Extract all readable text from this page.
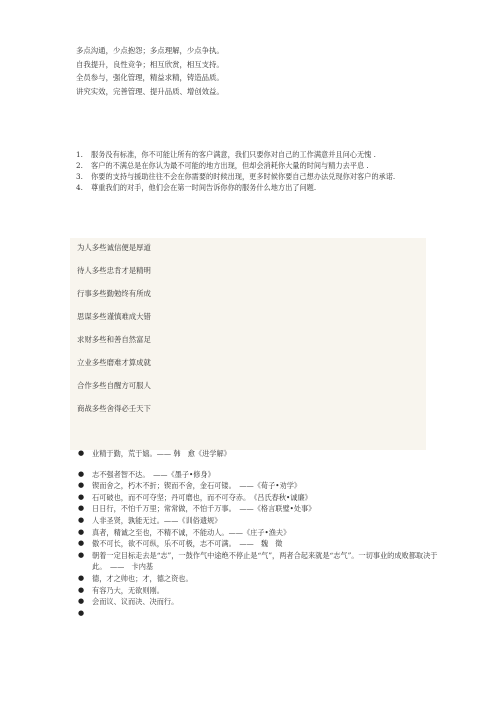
多点沟通，少点抱怨；多点理解，少点争执。
自我提升，良性竞争；相互欣赏，相互支持。
全员参与，强化管理，精益求精，铸造品质。
讲究实效，完善管理、提升品质、增创效益。
1. 服务没有标准，你不可能让所有的客户满意，我们只要你对自己的工作满意并且问心无愧 .
2. 客户的不满总是在你认为最不可能的地方出现，但却会消耗你大量的时间与精力去平息 .
3. 你要的支持与援助往往不会在你需要的时候出现，更多时候你要自己想办法兑现你对客户的承诺.
4. 尊重我们的对手，他们会在第一时间告诉你你的服务什么地方出了问题.
为人多些诚信便是厚道
待人多些忠肯才是精明
行事多些勤勉终有所成
思谋多些谨慎难成大错
求财多些和善自然富足
立业多些磨难才算成就
合作多些自醒方可服人
商战多些舍得必壬天下
● 业精于勤，荒于嬉。—— 韩　愈《进学解》
● 志不强者智不达。　——《墨子•修身》
● 锲而舍之，朽木不折；锲而不舍，金石可镂。　——《荀子•劝学》
● 石可破也，而不可夺坚；丹可磨也，而不可夺赤。　《吕氏春秋•诚廉》
● 日日行，不怕千万里；常常做，不怕千万事。　——《格言联璧•处事》
● 人非圣贤，孰能无过。——《训俗遗规》
● 真者，精诚之至也，不精不诚，不能动人。——《庄子•渔夫》
● 傲不可长，欲不可纵，乐不可极，志不可满。　——　魏　徵
● 朝着一定目标走去是“志”，一鼓作气中途绝不停止是“气”，两者合起来就是“志气”。一切事业的成败都取决于此。　——　卡内基
● 德，才之帅也；才，德之资也。
● 有容乃大，无欲则刚。
● 会而议、议而决、决而行。
●
